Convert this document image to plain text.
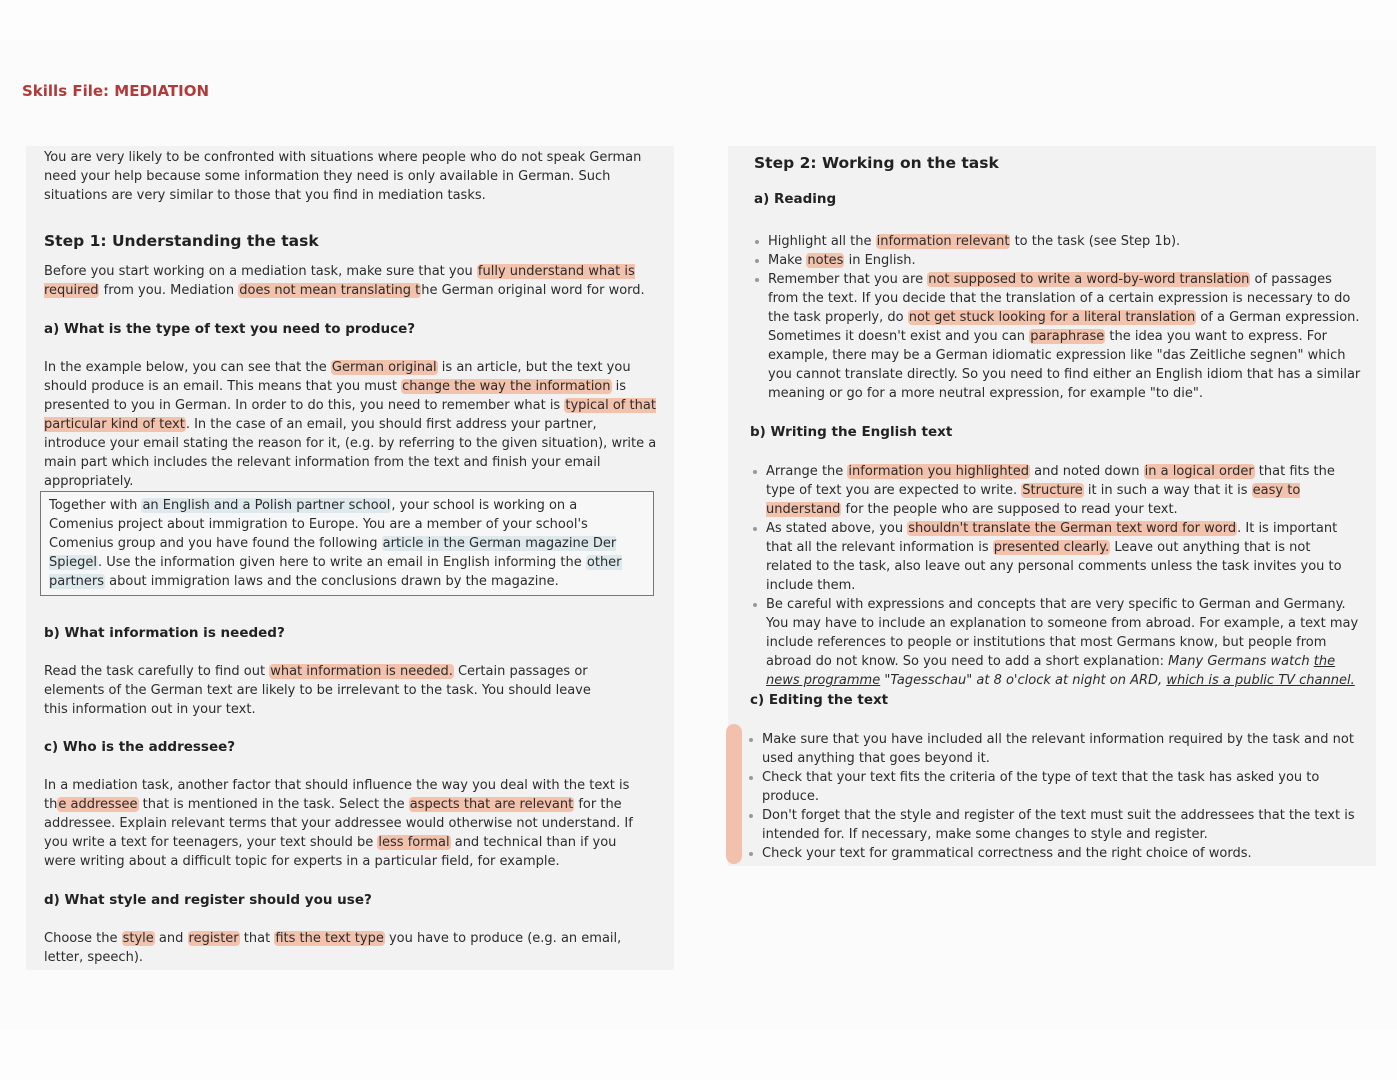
Skills File: MEDIATION

You are very likely to be confronted with situations where people who do not speak German need your help because some information they need is only available in German. Such situations are very similar to those that you find in mediation tasks.

Step 1: Understanding the task

Before you start working on a mediation task, make sure that you fully understand what is required from you. Mediation does not mean translating the German original word for word.

a) What is the type of text you need to produce?

In the example below, you can see that the German original is an article, but the text you should produce is an email. This means that you must change the way the information is presented to you in German. In order to do this, you need to remember what is typical of that particular kind of text. In the case of an email, you should first address your partner, introduce your email stating the reason for it, (e.g. by referring to the given situation), write a main part which includes the relevant information from the text and finish your email appropriately.

Together with an English and a Polish partner school, your school is working on a Comenius project about immigration to Europe. You are a member of your school's Comenius group and you have found the following article in the German magazine Der Spiegel. Use the information given here to write an email in English informing the other partners about immigration laws and the conclusions drawn by the magazine.
b) What information is needed?

Read the task carefully to find out what information is needed. Certain passages or elements of the German text are likely to be irrelevant to the task. You should leave this information out in your text.

c) Who is the addressee?

In a mediation task, another factor that should influence the way you deal with the text is the addressee that is mentioned in the task. Select the aspects that are relevant for the addressee. Explain relevant terms that your addressee would otherwise not understand. If you write a text for teenagers, your text should be less formal and technical than if you were writing about a difficult topic for experts in a particular field, for example.

d) What style and register should you use?

Choose the style and register that fits the text type you have to produce (e.g. an email, letter, speech).

Step 2: Working on the task
a) Reading
Highlight all the information relevant to the task (see Step 1b).
Make notes in English.
Remember that you are not supposed to write a word-by-word translation of passages from the text. If you decide that the translation of a certain expression is necessary to do the task properly, do not get stuck looking for a literal translation of a German expression. Sometimes it doesn't exist and you can paraphrase the idea you want to express. For example, there may be a German idiomatic expression like "das Zeitliche segnen" which you cannot translate directly. So you need to find either an English idiom that has a similar meaning or go for a more neutral expression, for example "to die".
b) Writing the English text
Arrange the information you highlighted and noted down in a logical order that fits the type of text you are expected to write. Structure it in such a way that it is easy to understand for the people who are supposed to read your text.
As stated above, you shouldn't translate the German text word for word. It is important that all the relevant information is presented clearly. Leave out anything that is not related to the task, also leave out any personal comments unless the task invites you to include them.
Be careful with expressions and concepts that are very specific to German and Germany. You may have to include an explanation to someone from abroad. For example, a text may include references to people or institutions that most Germans know, but people from abroad do not know. So you need to add a short explanation: Many Germans watch the news programme "Tagesschau" at 8 o'clock at night on ARD, which is a public TV channel.
c) Editing the text
Make sure that you have included all the relevant information required by the task and not used anything that goes beyond it.
Check that your text fits the criteria of the type of text that the task has asked you to produce.
Don't forget that the style and register of the text must suit the addressees that the text is intended for. If necessary, make some changes to style and register.
Check your text for grammatical correctness and the right choice of words.
